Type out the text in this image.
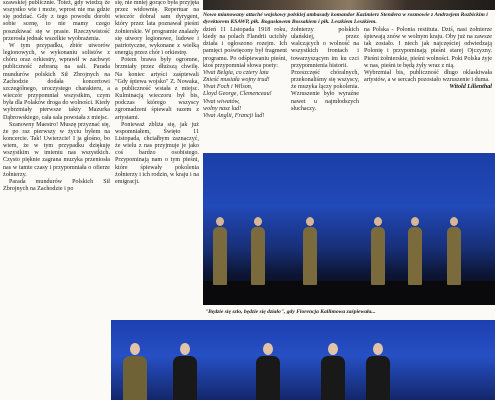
szawskiej publicznie. Toteż, gdy wiedzą że wszystko wie i może, wprost nie ma gdzie się podziać. Gdy z tego powodu dorobi sobie scenę, to nie mamy czego poszukiwać się w prasie. Rzeczywistość przerosła jednak wszelkie wyobrażenia.

W tym przypadku, zbiór utworów legionowych, w wykonaniu solistów z chóru oraz orkiestry, wprawił w zachwyt publiczność zebraną na sali. Parada mundurów polskich Sił Zbrojnych na Zachodzie dodała koncertowi szczególnego, uroczystego charakteru, a wieczór przypomniał wszystkim, czym była dla Polaków droga do wolności. Kiedy wybrzmiały pierwsze takty Mazurka Dąbrowskiego, cała sala powstała z miejsc.

Szanowny Maestro! Muszę przyznać się, że po raz pierwszy w życiu byłem na koncercie. Tak! Uwierzcie! I ja głośno, bo wiem, że w tym przypadku dziękuję wszystkim w imieniu nas wszystkich. Czysto pięknie zagrana muzyka przeniosła nas w tamte czasy i przypomniała o ofierze żołnierzy.

Parada mundurów Polskich Sił Zbrojnych na Zachodzie i po

się, nie mniej gorąco była przyjęta przez widownię. Repertuar na wieczór dobrał sam dyrygent, który przez lata poznawał pieśni żołnierskie. W programie znalazły się utwory legionowe, ludowe i patriotyczne, wykonane z wielką energią przez chór i orkiestrę.

Potem brawa były ogromne, brzmiały przez dłuższą chwilę. Na koniec artyści zaśpiewali "Gdy śpiewa wojsko" Z. Nowaka, a publiczność wstała z miejsc. Kulminacją wieczoru był bis, podczas którego wszyscy zgromadzeni śpiewali razem z artystami.

Ponieważ zbliża się, jak już wspomniałem, Święto 11 Listopada, chciałbym zaznaczyć, że wielu z nas przyjmuje je jako coś bardzo osobistego. Przypominają nam o tym pieśni, które śpiewały pokolenia żołnierzy i ich rodzin, w kraju i na emigracji.

Nowo mianowany attaché wojskowy polskiej ambasady komandor Kazimierz Stendera w rozmowie z Andrzejem Rozbickim i dyrektorem KSAWP, płk. Bogusławem Bossakiem i płk. Leszkiem Leszkiem.

dzień 11 Listopada 1918 roku, kiedy na polach Flandrii ucichły działa i ogłoszono rozejm. Ich pamięci poświęcony był fragment programu. Po odśpiewaniu pieśni, ktoś przypomniał słowa poety:

Vivat Belgia, co cztery lata
Znieść musiała wojny trud!
Vivat Foch i Wilson,
Lloyd George, Clemenceau!
Vivat wiwatów,
wolny nasz lud!
Vivat Anglii, Francji lud!

żołnierzy polskich ułańskiej, przez walczących o wolność na wszystkich frontach i towarzyszącym im ku czci przypomnienia historii.

Przeszczęść chóralnych, przekonaliśmy się wszyscy, że muzyka łączy pokolenia. Wzruszenie było wyraźne nawet u najmłodszych słuchaczy.

na Polska - Polonia restituta. Dziś, nasi żołnierze śpiewają znów w wolnym kraju. Oby już na zawsze tak zostało. I niech jak najczęściej odwiedzają Polonię i przypominają pieśni starej Ojczyzny. Pieśni żołnierskie, pieśni wolności. Poki Polska żyje w nas, pieśni te będą żyły wraz z nią.

Wybrzmiał bis, publiczność długo oklaskiwała artystów, a w sercach pozostało wzruszenie i duma.

Witold Lilienthal

"Będzie się szło, będzie się działo", gdy Florencja Kallimowa zaśpiewała...
